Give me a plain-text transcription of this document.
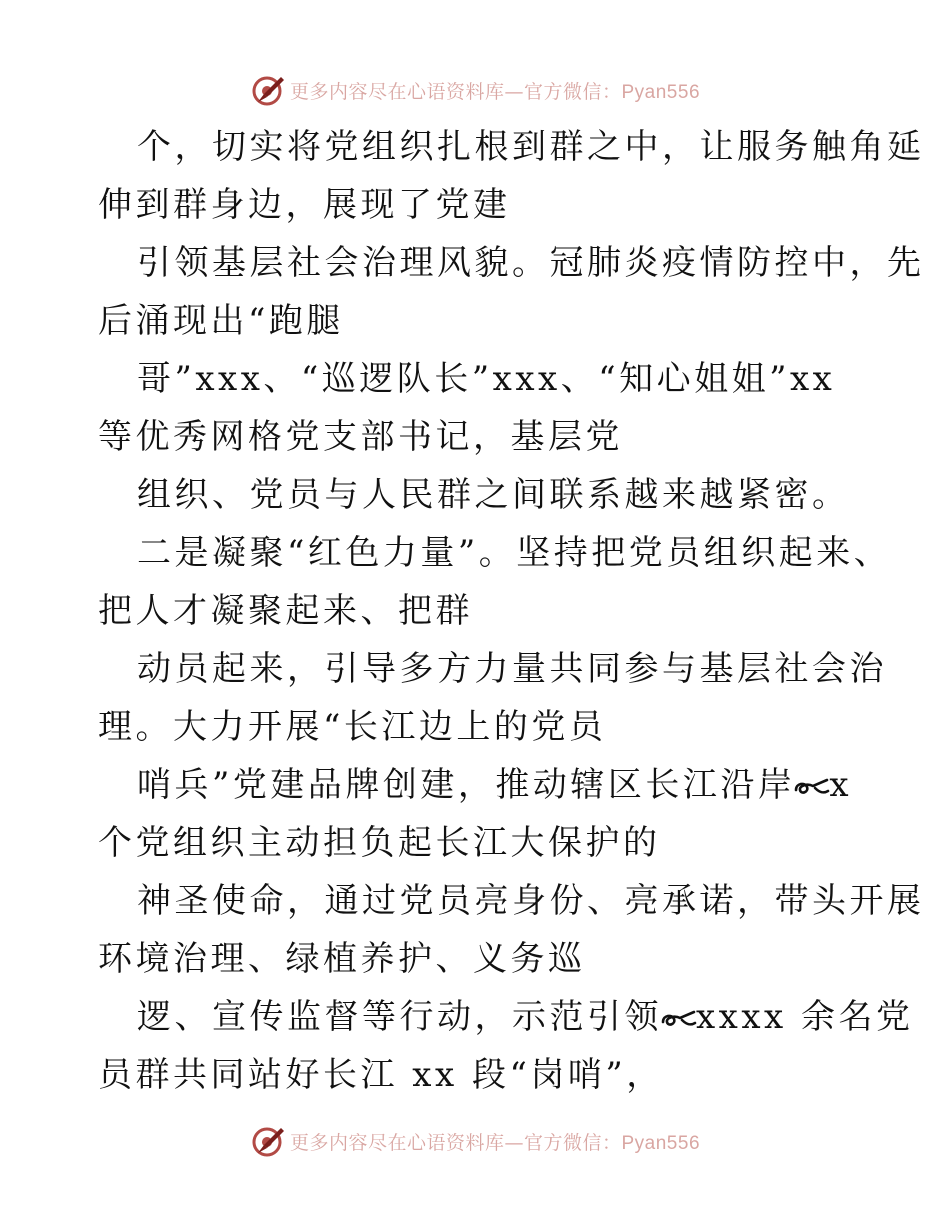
更多内容尽在心语资料库—官方微信：Pyan556
个，切实将党组织扎根到群之中，让服务触角延
伸到群身边，展现了党建
引领基层社会治理风貌。冠肺炎疫情防控中，先
后涌现出“跑腿
哥”xxx、“巡逻队长”xxx、“知心姐姐”xx
等优秀网格党支部书记，基层党
组织、党员与人民群之间联系越来越紧密。
二是凝聚“红色力量”。坚持把党员组织起来、
把人才凝聚起来、把群
动员起来，引导多方力量共同参与基层社会治
理。大力开展“长江边上的党员
哨兵”党建品牌创建，推动辖区长江沿岸 x
个党组织主动担负起长江大保护的
神圣使命，通过党员亮身份、亮承诺，带头开展
环境治理、绿植养护、义务巡
逻、宣传监督等行动，示范引领 xxxx 余名党
员群共同站好长江 xx 段“岗哨”，
更多内容尽在心语资料库—官方微信：Pyan556
